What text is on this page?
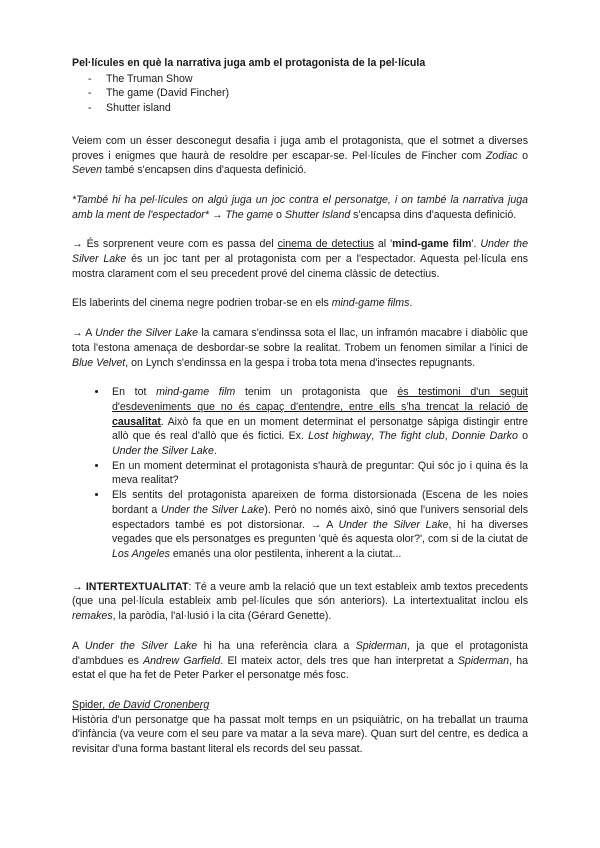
Pel·lícules en què la narrativa juga amb el protagonista de la pel·lícula

- The Truman Show
- The game (David Fincher)
- Shutter island

Veiem com un ésser desconegut desafia i juga amb el protagonista, que el sotmet a diverses proves i enigmes que haurà de resoldre per escapar-se. Pel·lícules de Fincher com Zodiac o Seven també s'encapsen dins d'aquesta definició.

*També hi ha pel·lícules on algú juga un joc contra el personatge, i on també la narrativa juga amb la ment de l'espectador* → The game o Shutter Island s'encapsa dins d'aquesta definició.

→ És sorprenent veure com es passa del cinema de detectius al 'mind-game film'. Under the Silver Lake és un joc tant per al protagonista com per a l'espectador. Aquesta pel·lícula ens mostra clarament com el seu precedent prové del cinema clàssic de detectius.

Els laberints del cinema negre podrien trobar-se en els mind-game films.

→ A Under the Silver Lake la camara s'endinssa sota el llac, un inframón macabre i diabòlic que tota l'estona amenaça de desbordar-se sobre la realitat. Trobem un fenomen similar a l'inici de Blue Velvet, on Lynch s'endinssa en la gespa i troba tota mena d'insectes repugnants.

• En tot mind-game film tenim un protagonista que és testimoni d'un seguit d'esdeveniments que no és capaç d'entendre, entre ells s'ha trencat la relació de causalitat. Això fa que en un moment determinat el personatge sàpiga distingir entre allò que és real d'allò que és fictici. Ex. Lost highway, The fight club, Donnie Darko o Under the Silver Lake.
• En un moment determinat el protagonista s'haurà de preguntar: Qui sóc jo i quina és la meva realitat?
• Els sentits del protagonista apareixen de forma distorsionada (Escena de les noies bordant a Under the Silver Lake). Però no només això, sinó que l'univers sensorial dels espectadors també es pot distorsionar. → A Under the Silver Lake, hi ha diverses vegades que els personatges es pregunten 'què és aquesta olor?', com si de la ciutat de Los Angeles emanés una olor pestilenta, inherent a la ciutat...

→ INTERTEXTUALITAT: Té a veure amb la relació que un text estableix amb textos precedents (que una pel·lícula estableix amb pel·lícules que són anteriors). La intertextualitat inclou els remakes, la paròdia, l'al·lusió i la cita (Gérard Genette).

A Under the Silver Lake hi ha una referència clara a Spiderman, ja que el protagonista d'ambdues es Andrew Garfield. El mateix actor, dels tres que han interpretat a Spiderman, ha estat el que ha fet de Peter Parker el personatge més fosc.

Spider, de David Cronenberg

Història d'un personatge que ha passat molt temps en un psiquiàtric, on ha treballat un trauma d'infància (va veure com el seu pare va matar a la seva mare). Quan surt del centre, es dedica a revisitar d'una forma bastant literal els records del seu passat.
